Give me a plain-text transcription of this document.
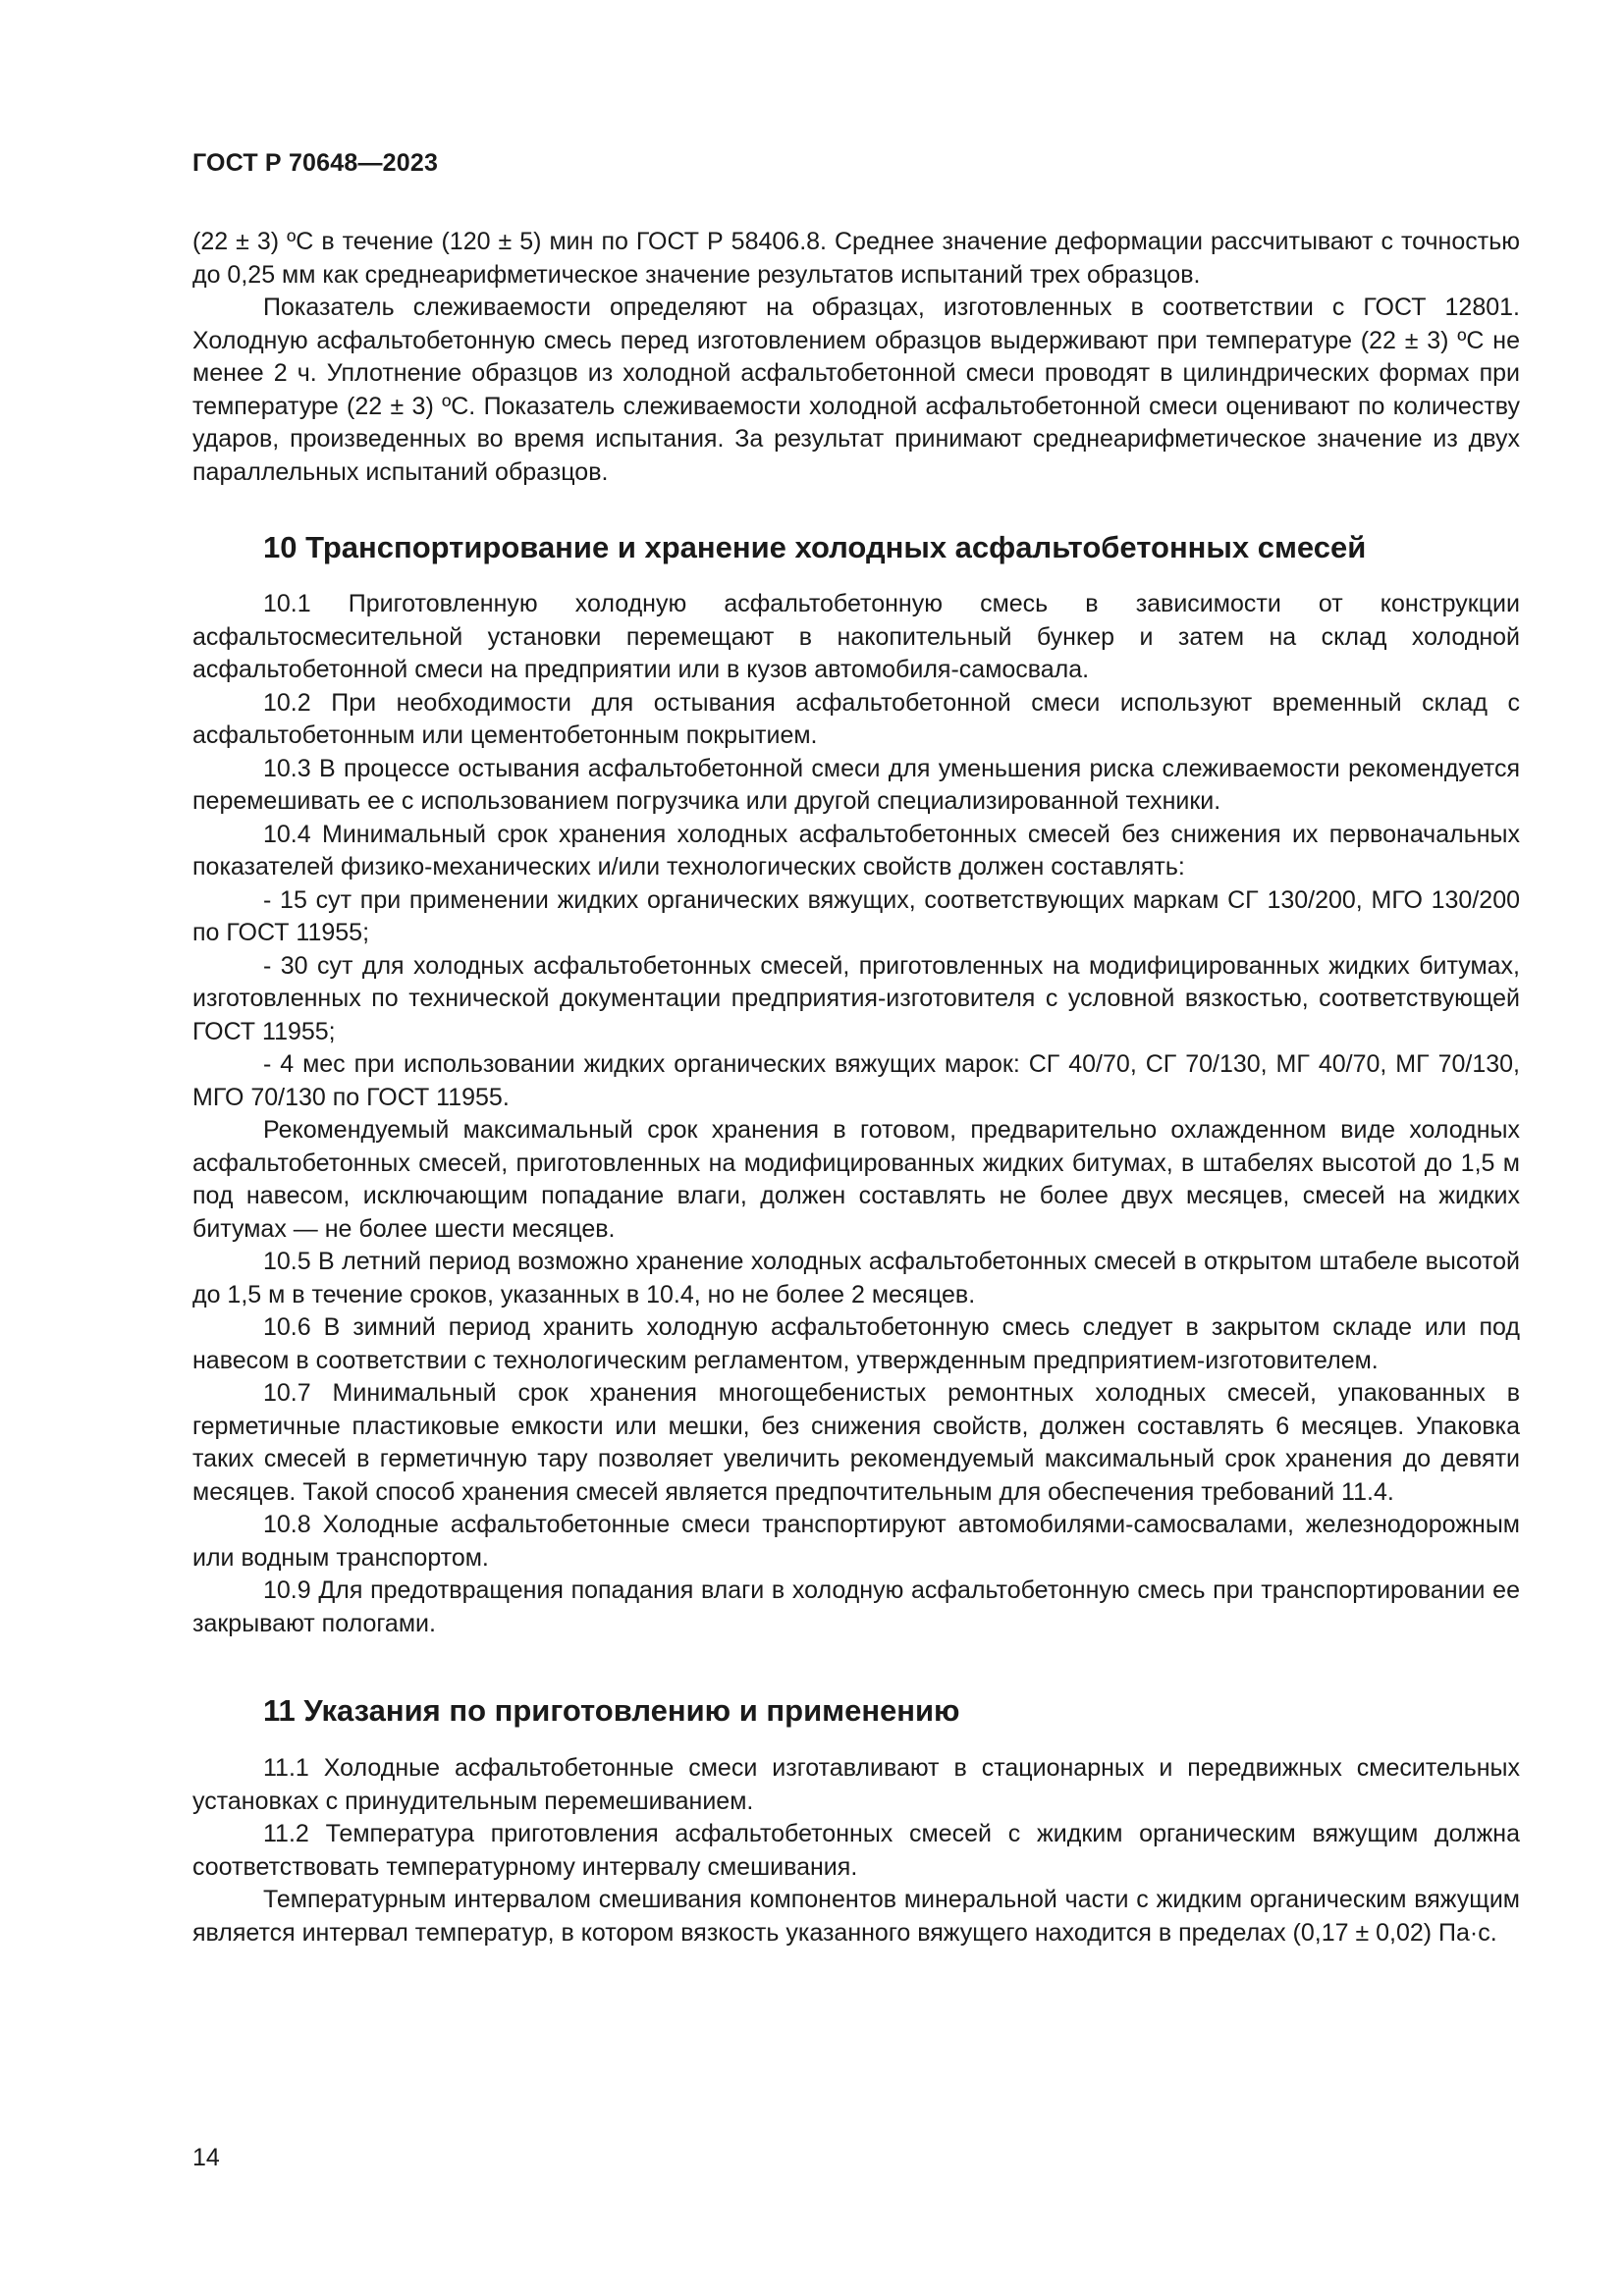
ГОСТ Р 70648—2023

(22 ± 3) ºС в течение (120 ± 5) мин по ГОСТ Р 58406.8. Среднее значение деформации рассчитывают с точностью до 0,25 мм как среднеарифметическое значение результатов испытаний трех образцов.

Показатель слеживаемости определяют на образцах, изготовленных в соответствии с ГОСТ 12801. Холодную асфальтобетонную смесь перед изготовлением образцов выдерживают при температуре (22 ± 3) ºС не менее 2 ч. Уплотнение образцов из холодной асфальтобетонной смеси проводят в цилиндрических формах при температуре (22 ± 3) ºС. Показатель слеживаемости холодной асфальтобетонной смеси оценивают по количеству ударов, произведенных во время испытания. За результат принимают среднеарифметическое значение из двух параллельных испытаний образцов.

10 Транспортирование и хранение холодных асфальтобетонных смесей

10.1 Приготовленную холодную асфальтобетонную смесь в зависимости от конструкции асфальтосмесительной установки перемещают в накопительный бункер и затем на склад холодной асфальтобетонной смеси на предприятии или в кузов автомобиля-самосвала.

10.2 При необходимости для остывания асфальтобетонной смеси используют временный склад с асфальтобетонным или цементобетонным покрытием.

10.3 В процессе остывания асфальтобетонной смеси для уменьшения риска слеживаемости рекомендуется перемешивать ее с использованием погрузчика или другой специализированной техники.

10.4 Минимальный срок хранения холодных асфальтобетонных смесей без снижения их первоначальных показателей физико-механических и/или технологических свойств должен составлять:

- 15 сут при применении жидких органических вяжущих, соответствующих маркам СГ 130/200, МГО 130/200 по ГОСТ 11955;

- 30 сут для холодных асфальтобетонных смесей, приготовленных на модифицированных жидких битумах, изготовленных по технической документации предприятия-изготовителя с условной вязкостью, соответствующей ГОСТ 11955;

- 4 мес при использовании жидких органических вяжущих марок: СГ 40/70, СГ 70/130, МГ 40/70, МГ 70/130, МГО 70/130 по ГОСТ 11955.

Рекомендуемый максимальный срок хранения в готовом, предварительно охлажденном виде холодных асфальтобетонных смесей, приготовленных на модифицированных жидких битумах, в штабелях высотой до 1,5 м под навесом, исключающим попадание влаги, должен составлять не более двух месяцев, смесей на жидких битумах — не более шести месяцев.

10.5 В летний период возможно хранение холодных асфальтобетонных смесей в открытом штабеле высотой до 1,5 м в течение сроков, указанных в 10.4, но не более 2 месяцев.

10.6 В зимний период хранить холодную асфальтобетонную смесь следует в закрытом складе или под навесом в соответствии с технологическим регламентом, утвержденным предприятием-изготовителем.

10.7 Минимальный срок хранения многощебенистых ремонтных холодных смесей, упакованных в герметичные пластиковые емкости или мешки, без снижения свойств, должен составлять 6 месяцев. Упаковка таких смесей в герметичную тару позволяет увеличить рекомендуемый максимальный срок хранения до девяти месяцев. Такой способ хранения смесей является предпочтительным для обеспечения требований 11.4.

10.8 Холодные асфальтобетонные смеси транспортируют автомобилями-самосвалами, железнодорожным или водным транспортом.

10.9 Для предотвращения попадания влаги в холодную асфальтобетонную смесь при транспортировании ее закрывают пологами.

11 Указания по приготовлению и применению

11.1 Холодные асфальтобетонные смеси изготавливают в стационарных и передвижных смесительных установках с принудительным перемешиванием.

11.2 Температура приготовления асфальтобетонных смесей с жидким органическим вяжущим должна соответствовать температурному интервалу смешивания.

Температурным интервалом смешивания компонентов минеральной части с жидким органическим вяжущим является интервал температур, в котором вязкость указанного вяжущего находится в пределах (0,17 ± 0,02) Па·с.

14
